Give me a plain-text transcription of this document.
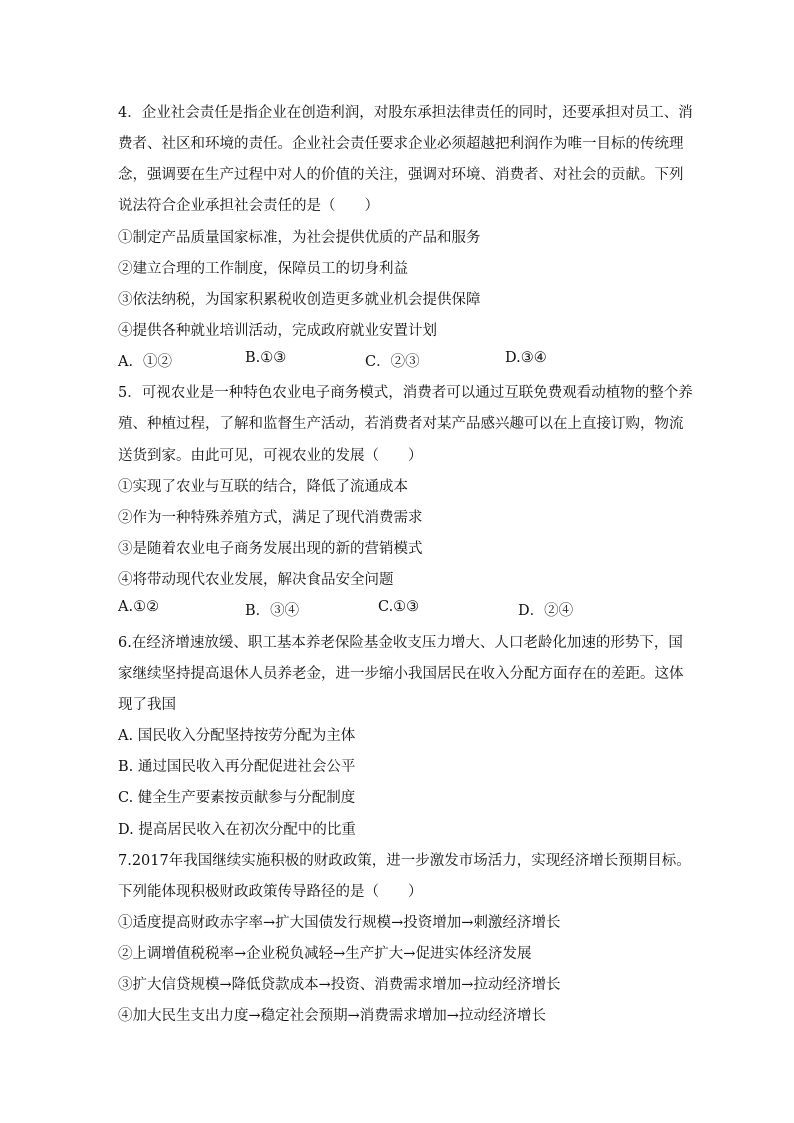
4．企业社会责任是指企业在创造利润，对股东承担法律责任的同时，还要承担对员工、消
费者、社区和环境的责任。企业社会责任要求企业必须超越把利润作为唯一目标的传统理
念，强调要在生产过程中对人的价值的关注，强调对环境、消费者、对社会的贡献。下列
说法符合企业承担社会责任的是（　　）
①制定产品质量国家标准，为社会提供优质的产品和服务
②建立合理的工作制度，保障员工的切身利益
③依法纳税，为国家积累税收创造更多就业机会提供保障
④提供各种就业培训活动，完成政府就业安置计划
A．①②	B.①③	C．②③	D.③④
5．可视农业是一种特色农业电子商务模式，消费者可以通过互联免费观看动植物的整个养
殖、种植过程，了解和监督生产活动，若消费者对某产品感兴趣可以在上直接订购，物流
送货到家。由此可见，可视农业的发展（　　）
①实现了农业与互联的结合，降低了流通成本
②作为一种特殊养殖方式，满足了现代消费需求
③是随着农业电子商务发展出现的新的营销模式
④将带动现代农业发展，解决食品安全问题
A.①②	B．③④	C.①③	D．②④
6.在经济增速放缓、职工基本养老保险基金收支压力增大、人口老龄化加速的形势下，国
家继续坚持提高退休人员养老金，进一步缩小我国居民在收入分配方面存在的差距。这体
现了我国
A. 国民收入分配坚持按劳分配为主体
B. 通过国民收入再分配促进社会公平
C. 健全生产要素按贡献参与分配制度
D. 提高居民收入在初次分配中的比重
7.2017年我国继续实施积极的财政政策，进一步激发市场活力，实现经济增长预期目标。
下列能体现积极财政政策传导路径的是（　　）
①适度提高财政赤字率→扩大国债发行规模→投资增加→刺激经济增长
②上调增值税税率→企业税负减轻→生产扩大→促进实体经济发展
③扩大信贷规模→降低贷款成本→投资、消费需求增加→拉动经济增长
④加大民生支出力度→稳定社会预期→消费需求增加→拉动经济增长
